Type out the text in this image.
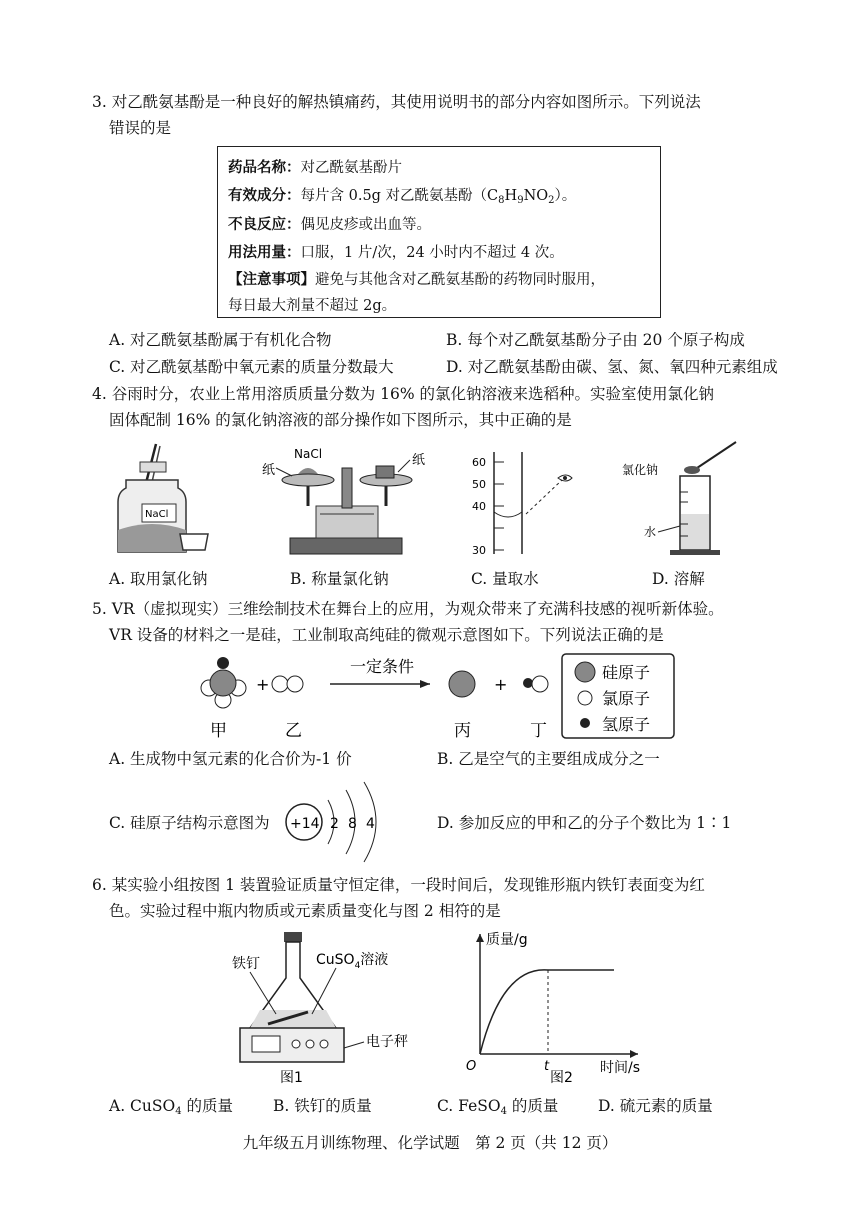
3. 对乙酰氨基酚是一种良好的解热镇痛药，其使用说明书的部分内容如图所示。下列说法
错误的是
药品名称：对乙酰氨基酚片
有效成分：每片含 0.5g 对乙酰氨基酚$(C_8H_9NO_2)$。
不良反应：偶见皮疹或出血等。
用法用量：口服，1 片/次，24 小时内不超过 4 次。
【注意事项】避免与其他含对乙酰氨基酚的药物同时服用，
每日最大剂量不超过 2g。
A. 对乙酰氨基酚属于有机化合物	B. 每个对乙酰氨基酚分子由 20 个原子构成
C. 对乙酰氨基酚中氧元素的质量分数最大	D. 对乙酰氨基酚由碳、氢、氮、氧四种元素组成
4. 谷雨时分，农业上常用溶质质量分数为 16% 的氯化钠溶液来选稻种。实验室使用氯化钠
固体配制 16% 的氯化钠溶液的部分操作如下图所示，其中正确的是
NaCl
NaCl
纸
纸	60
50
40
30
氯化钠
水
A. 取用氯化钠	B. 称量氯化钠	C. 量取水	D. 溶解
5. VR（虚拟现实）三维绘制技术在舞台上的应用，为观众带来了充满科技感的视听新体验。
VR 设备的材料之一是硅，工业制取高纯硅的微观示意图如下。下列说法正确的是
+
一定条件
+
甲	乙	丙	丁
硅原子
氯原子
氢原子
A. 生成物中氢元素的化合价为-1 价	B. 乙是空气的主要组成成分之一
C. 硅原子结构示意图为 +14 2 8 4	D. 参加反应的甲和乙的分子个数比为 1∶1
6. 某实验小组按图 1 装置验证质量守恒定律，一段时间后，发现锥形瓶内铁钉表面变为红
色。实验过程中瓶内物质或元素质量变化与图 2 相符的是
铁钉	CuSO$_4$溶液
电子秤
图1
质量/g
时间/s
O	t
图2
A. CuSO$_4$ 的质量	B. 铁钉的质量	C. FeSO$_4$ 的质量	D. 硫元素的质量
九年级五月训练物理、化学试题　第 2 页（共 12 页）
